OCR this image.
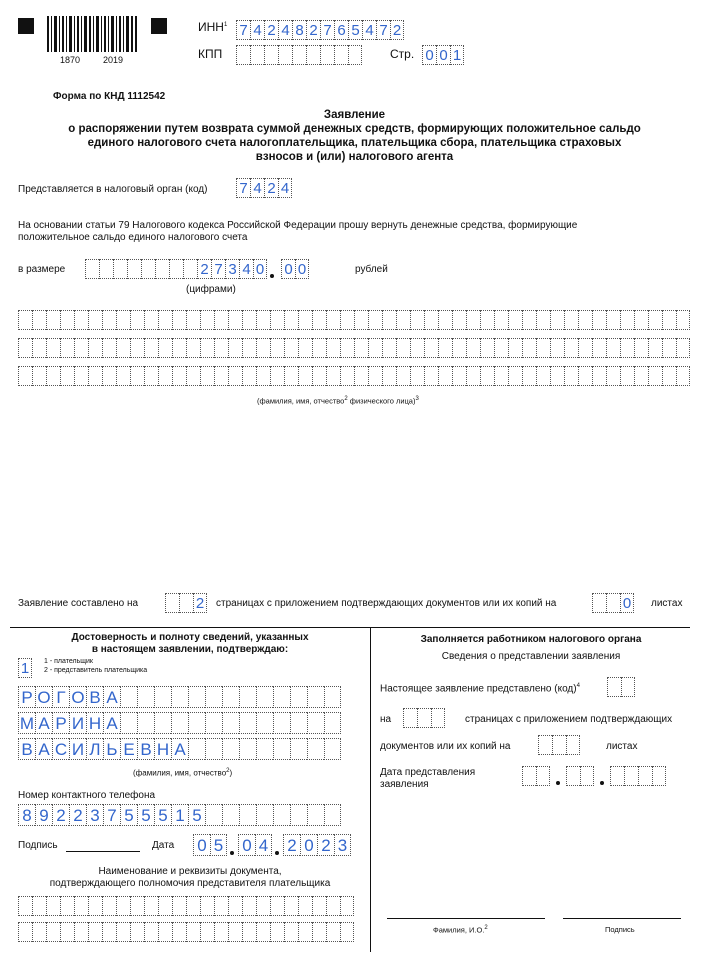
1870	2019
ИНН$^1$ 7 4 2 4 8 2 7 6 5 4 7 2
КПП	Стр. 0 0 1
Форма по КНД 1112542
Заявление
о распоряжении путем возврата суммой денежных средств, формирующих положительное сальдо
единого налогового счета налогоплательщика, плательщика сбора, плательщика страховых
взносов и (или) налогового агента
Представляется в налоговый орган (код) 7 4 2 4
На основании статьи 79 Налогового кодекса Российской Федерации прошу вернуть денежные средства, формирующие
положительное сальдо единого налогового счета
в размере	2 7 3 4 0 0 0	рублей
(цифрами)
(фамилия, имя, отчество$^2$ физического лица)$^3$
Заявление составлено на	2 страницах с приложением подтверждающих документов или их копий на	0 листах
Достоверность и полноту сведений, указанных
в настоящем заявлении, подтверждаю:
1	1 - плательщик
2 - представитель плательщика
Р О Г О В А
М А Р И Н А
В А С И Л Ь Е В Н А
(фамилия, имя, отчество$^2$)
Номер контактного телефона
8 9 2 2 3 7 5 5 5 1 5
Подпись	Дата 0 5 0 4 2 0 2 3
Наименование и реквизиты документа,
подтверждающего полномочия представителя плательщика
Заполняется работником налогового органа
Сведения о представлении заявления
Настоящее заявление представлено (код)$^4$
на	страницах с приложением подтверждающих
документов или их копий на	листах
Дата представления
заявления
Фамилия, И.О.$^2$	Подпись
